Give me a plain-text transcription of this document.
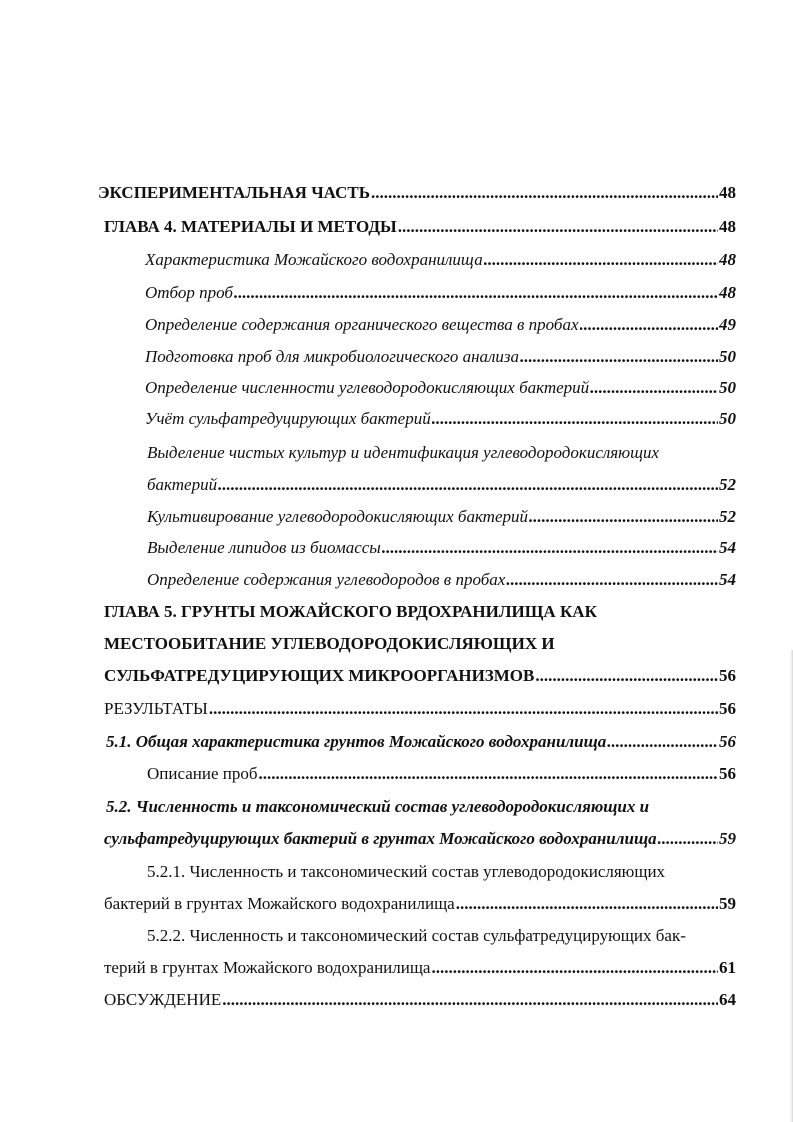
ЭКСПЕРИМЕНТАЛЬНАЯ ЧАСТЬ .....	48
ГЛАВА 4. МАТЕРИАЛЫ И МЕТОДЫ .....	48
Характеристика Можайского водохранилища .....	48
Отбор проб .....	48
Определение содержания органического вещества в пробах .....	49
Подготовка проб для микробиологического анализа .....	50
Определение численности углеводородокисляющих бактерий .....	50
Учёт сульфатредуцирующих бактерий .....	50
Выделение чистых культур и идентификация углеводородокисляющих
бактерий .....	52
Культивирование углеводородокисляющих бактерий .....	52
Выделение липидов из биомассы .....	54
Определение содержания углеводородов в пробах .....	54
ГЛАВА 5. ГРУНТЫ МОЖАЙСКОГО ВРДОХРАНИЛИЩА КАК
МЕСТООБИТАНИЕ УГЛЕВОДОРОДОКИСЛЯЮЩИХ И
СУЛЬФАТРЕДУЦИРУЮЩИХ МИКРООРГАНИЗМОВ .....	56
РЕЗУЛЬТАТЫ .....	56
5.1. Общая характеристика грунтов Можайского водохранилища .....	56
Описание проб .....	56
5.2. Численность и таксономический состав углеводородокисляющих и
сульфатредуцирующих бактерий в грунтах Можайского водохранилища .....	59
5.2.1. Численность и таксономический состав углеводородокисляющих
бактерий в грунтах Можайского водохранилища .....	59
5.2.2. Численность и таксономический состав сульфатредуцирующих бак-
терий в грунтах Можайского водохранилища .....	61
ОБСУЖДЕНИЕ .....	64
